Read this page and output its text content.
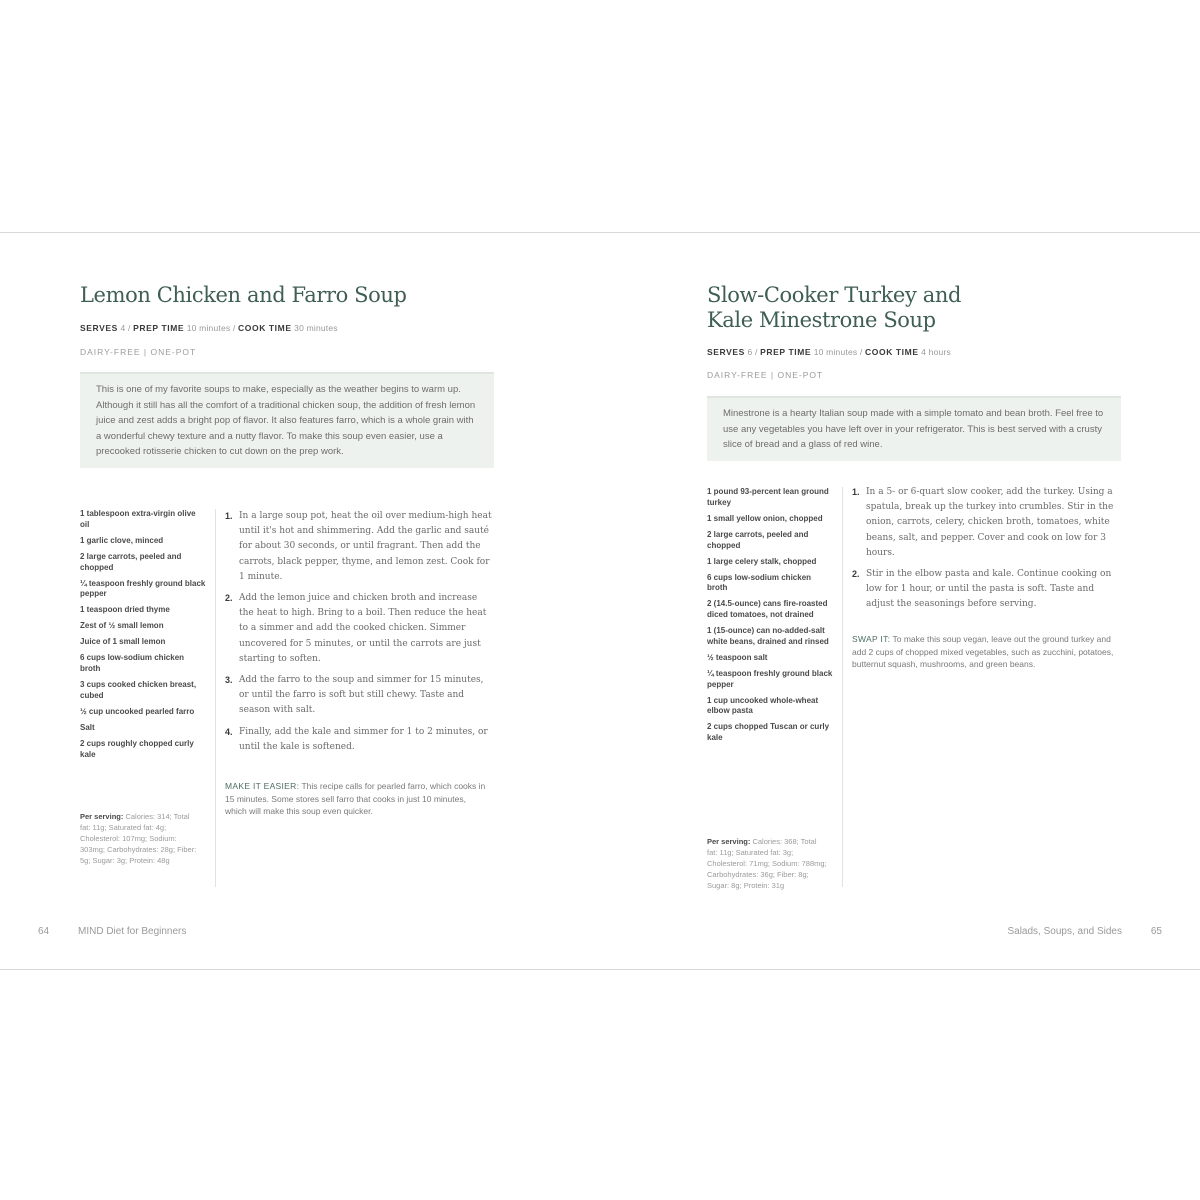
Lemon Chicken and Farro Soup
SERVES 4 / PREP TIME 10 minutes / COOK TIME 30 minutes
DAIRY-FREE | ONE-POT
This is one of my favorite soups to make, especially as the weather begins to warm up. Although it still has all the comfort of a traditional chicken soup, the addition of fresh lemon juice and zest adds a bright pop of flavor. It also features farro, which is a whole grain with a wonderful chewy texture and a nutty flavor. To make this soup even easier, use a precooked rotisserie chicken to cut down on the prep work.
1 tablespoon extra-virgin olive oil
1 garlic clove, minced
2 large carrots, peeled and chopped
¼ teaspoon freshly ground black pepper
1 teaspoon dried thyme
Zest of ½ small lemon
Juice of 1 small lemon
6 cups low-sodium chicken broth
3 cups cooked chicken breast, cubed
½ cup uncooked pearled farro
Salt
2 cups roughly chopped curly kale
Per serving: Calories: 314; Total fat: 11g; Saturated fat: 4g; Cholesterol: 107mg; Sodium: 303mg; Carbohydrates: 28g; Fiber: 5g; Sugar: 3g; Protein: 48g
1. In a large soup pot, heat the oil over medium-high heat until it's hot and shimmering. Add the garlic and sauté for about 30 seconds, or until fragrant. Then add the carrots, black pepper, thyme, and lemon zest. Cook for 1 minute.
2. Add the lemon juice and chicken broth and increase the heat to high. Bring to a boil. Then reduce the heat to a simmer and add the cooked chicken. Simmer uncovered for 5 minutes, or until the carrots are just starting to soften.
3. Add the farro to the soup and simmer for 15 minutes, or until the farro is soft but still chewy. Taste and season with salt.
4. Finally, add the kale and simmer for 1 to 2 minutes, or until the kale is softened.
MAKE IT EASIER: This recipe calls for pearled farro, which cooks in 15 minutes. Some stores sell farro that cooks in just 10 minutes, which will make this soup even quicker.
64	MIND Diet for Beginners
Slow-Cooker Turkey and
Kale Minestrone Soup
SERVES 6 / PREP TIME 10 minutes / COOK TIME 4 hours
DAIRY-FREE | ONE-POT
Minestrone is a hearty Italian soup made with a simple tomato and bean broth. Feel free to use any vegetables you have left over in your refrigerator. This is best served with a crusty slice of bread and a glass of red wine.
1 pound 93-percent lean ground turkey
1 small yellow onion, chopped
2 large carrots, peeled and chopped
1 large celery stalk, chopped
6 cups low-sodium chicken broth
2 (14.5-ounce) cans fire-roasted diced tomatoes, not drained
1 (15-ounce) can no-added-salt white beans, drained and rinsed
½ teaspoon salt
¼ teaspoon freshly ground black pepper
1 cup uncooked whole-wheat elbow pasta
2 cups chopped Tuscan or curly kale
Per serving: Calories: 368; Total fat: 11g; Saturated fat: 3g; Cholesterol: 71mg; Sodium: 788mg; Carbohydrates: 36g; Fiber: 8g; Sugar: 8g; Protein: 31g
1. In a 5- or 6-quart slow cooker, add the turkey. Using a spatula, break up the turkey into crumbles. Stir in the onion, carrots, celery, chicken broth, tomatoes, white beans, salt, and pepper. Cover and cook on low for 3 hours.
2. Stir in the elbow pasta and kale. Continue cooking on low for 1 hour, or until the pasta is soft. Taste and adjust the seasonings before serving.
SWAP IT: To make this soup vegan, leave out the ground turkey and add 2 cups of chopped mixed vegetables, such as zucchini, potatoes, butternut squash, mushrooms, and green beans.
Salads, Soups, and Sides	65
